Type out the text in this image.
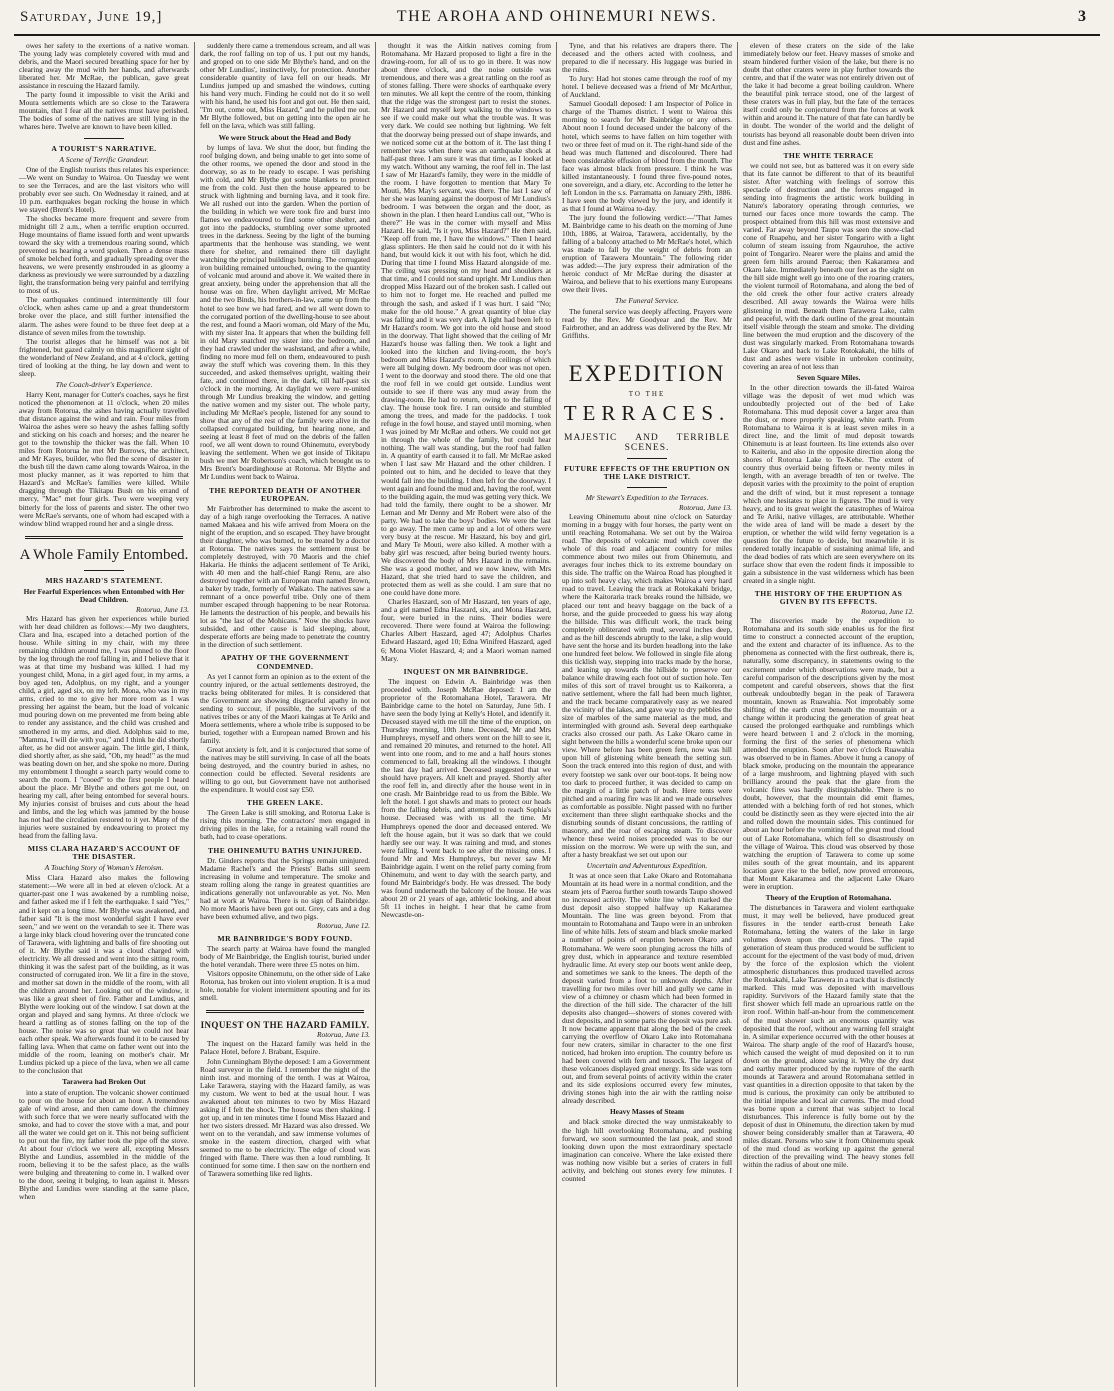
Saturday, June 19,]	THE AROHA AND OHINEMURI NEWS.	3

owes her safety to the exertions of a native woman. The young lady was completely covered with mud and debris, and the Maori secured breathing space for her by clearing away the mud with her hands, and afterwards liberated her. Mr McRae, the publican, gave great assistance in rescuing the Hazard family.

The party found it impossible to visit the Ariki and Moura settlements which are so close to the Tarawera mountain, that I fear all the natives must have perished. The bodies of some of the natives are still lying in the whares here. Twelve are known to have been killed.

A TOURIST'S NARRATIVE.
A Scene of Terrific Grandeur.

One of the English tourists thus relates his experience:—We went on Sunday to Wairoa. On Tuesday we went to see the Terraces, and are the last visitors who will probably ever see such. On Wednesday it rained, and at 10 p.m. earthquakes began rocking the house in which we stayed (Brent's Hotel).

The shocks became more frequent and severe from midnight till 2 a.m., when a terrific eruption occurred. Huge mountains of flame issued forth and went upwards toward the sky with a tremendous roaring sound, which prevented us hearing a word spoken. Then a dense mass of smoke belched forth, and gradually spreading over the heavens, we were presently enshrouded in as gloomy a darkness as previously we were surrounded by a dazzling light, the transformation being very painful and terrifying to most of us.

The earthquakes continued intermittently till four o'clock, when ashes came up and a great thunderstorm broke over the place, and still further intensified the alarm. The ashes were found to be three feet deep at a distance of seven miles from the township.

The tourist alleges that he himself was not a bit frightened, but gazed calmly on this magnificent sight of the wonderland of New Zealand, and at 4 o'clock, getting tired of looking at the thing, he lay down and went to sleep.

The Coach-driver's Experience.

Harry Kent, manager for Cutter's coaches, says he first noticed the phenomenon at 11 o'clock, when 20 miles away from Rotorua, the ashes having actually travelled that distance against the wind and rain. Four miles from Wairoa the ashes were so heavy the ashes falling softly and sticking on his coach and horses; and the nearer he got to the township the thicker was the fall. When 10 miles from Rotorua he met Mr Burrows, the architect, and Mr Kayes, builder, who fled the scene of disaster in the bush till the dawn came along towards Wairoa, in the most plucky manner, as it was reported to him that Hazard's and McRae's families were killed. While dragging through the Tikitapu Bush on his errand of mercy, "Mac" met four girls. Two were weeping very bitterly for the loss of parents and sister. The other two were McRae's servants, one of whom had escaped with a window blind wrapped round her and a single dress.

A Whole Family Entombed.
MRS HAZARD'S STATEMENT.
Her Fearful Experiences when Entombed with Her Dead Children.

Rotorua, June 13.

Mrs Hazard has given her experiences while buried with her dead children as follows:—My two daughters, Clara and Ina, escaped into a detached portion of the house. While sitting in my chair, with my three remaining children around me, I was pinned to the floor by the log through the roof falling in, and I believe that it was at that time my husband was killed. I had my youngest child, Mona, in a girl aged four, in my arms, a boy aged ten, Adolphus, on my right, and a younger child, a girl, aged six, on my left. Mona, who was in my arms, cried to me to give her more room as I was pressing her against the beam, but the load of volcanic mud pouring down on me prevented me from being able to render any assistance, and the child was crushed and smothered in my arms, and died. Adolphus said to me, "Mamma, I will die with you," and I think he did shortly after, as he did not answer again. The little girl, I think, died shortly after, as she said, "Oh, my head!" as the mud was beating down on her, and she spoke no more. During my entombment I thought a search party would come to search the room. I "cooed" to the first people I heard about the place. Mr Blythe and others got me out, on hearing my call, after being entombed for several hours. My injuries consist of bruises and cuts about the head and limbs, and the leg which was jammed by the house has not had the circulation restored to it yet. Many of the injuries were sustained by endeavouring to protect my head from the falling lava.

MISS CLARA HAZARD'S ACCOUNT OF THE DISASTER.
A Touching Story of Woman's Heroism.

Miss Clara Hazard also makes the following statement:—We were all in bed at eleven o'clock. At a quarter-past one I was awakened by a rumbling noise, and father asked me if I felt the earthquake. I said "Yes," and it kept on a long time. Mr Blythe was awakened, and father said "It is the most wonderful sight I have ever seen," and we went on the verandah to see it. There was a large inky black cloud hovering over the truncated cone of Tarawera, with lightning and balls of fire shooting out of it. Mr Blythe said it was a cloud charged with electricity. We all dressed and went into the sitting room, thinking it was the safest part of the building, as it was constructed of corrugated iron. We lit a fire in the stove, and mother sat down in the middle of the room, with all the children around her. Looking out of the window, it was like a great sheet of fire. Father and Lundius, and Blythe were looking out of the window. I sat down at the organ and played and sang hymns. At three o'clock we heard a rattling as of stones falling on the top of the house. The noise was so great that we could not hear each other speak. We afterwards found it to be caused by falling lava. When that came on father went out into the middle of the room, leaning on mother's chair. Mr Lundius picked up a piece of the lava, when we all came to the conclusion that

Tarawera had Broken Out

into a state of eruption. The volcanic shower continued to pour on the house for about an hour. A tremendous gale of wind arose, and then came down the chimney with such force that we were nearly suffocated with the smoke, and had to cover the stove with a mat, and pour all the water we could get on it. This not being sufficient to put out the fire, my father took the pipe off the stove. At about four o'clock we were all, excepting Messrs Blythe and Lundius, assembled in the middle of the room, believing it to be the safest place, as the walls were bulging and threatening to come in. I walked over to the door, seeing it bulging, to lean against it. Messrs Blythe and Lundius were standing at the same place, when

suddenly there came a tremendous scream, and all was dark, the roof falling on top of us. I put out my hands, and groped on to one side Mr Blythe's hand, and on the other Mr Lundius', instinctively, for protection. Another considerable quantity of lava fell on our heads. Mr Lundius jumped up and smashed the windows, cutting his hand very much. Finding he could not do it so well with his hand, he used his foot and got out. He then said, "I'm out, come out, Miss Hazard," and he pulled me out. Mr Blythe followed, but on getting into the open air he fell on the lava, which was still falling.

We were Struck about the Head and Body

by lumps of lava. We shut the door, but finding the roof bulging down, and being unable to get into some of the other rooms, we opened the door and stood in the doorway, so as to be ready to escape. I was perishing with cold, and Mr Blythe got some blankets to protect me from the cold. Just then the house appeared to be struck with lightning and burning lava, and it took fire. We all rushed out into the garden. When the portion of the building in which we were took fire and burst into flames we endeavoured to find some other shelter, and got into the paddocks, stumbling over some uprooted trees in the darkness. Seeing by the light of the burning apartments that the henhouse was standing, we went there for shelter, and remained there till daylight watching the principal buildings burning. The corrugated iron building remained untouched, owing to the quantity of volcanic mud around and above it. We waited there in great anxiety, being under the apprehension that all the house was on fire. When daylight arrived, Mr McRae and the two Binds, his brothers-in-law, came up from the hotel to see how we had fared, and we all went down to the corrugated portion of the dwelling-house to see about the rest, and found a Maori woman, old Mary of the Mu, with my sister Ina. It appears that when the building fell in old Mary snatched my sister into the bedroom, and they had crawled under the washstand, and after a while, finding no more mud fell on them, endeavoured to push away the stuff which was covering them. In this they succeeded, and asked themselves upright, waiting their fate, and continued there, in the dark, till half-past six o'clock in the morning. At daylight we were re-united through Mr Lundius breaking the window, and getting the native women and my sister out. The whole party, including Mr McRae's people, listened for any sound to show that any of the rest of the family were alive in the collapsed corrugated building, but hearing none, and seeing at least 8 feet of mud on the debris of the fallen roof, we all went down to round Ohinemutu, everybody leaving the settlement. When we got inside of Tikitapu bush we met Mr Robertson's coach, which brought us to Mrs Brent's boardinghouse at Rotorua. Mr Blythe and Mr Lundius went back to Wairoa.

THE REPORTED DEATH OF ANOTHER EUROPEAN.

Mr Fairbrother has determined to make the ascent to day of a high range overlooking the Terraces. A native named Makaea and his wife arrived from Moera on the night of the eruption, and so escaped. They have brought their daughter, who was burned, to be treated by a doctor at Rotorua. The natives says the settlement must be completely destroyed, with 70 Maoris and the chief Hakaria. He thinks the adjacent settlement of Te Ariki, with 40 men and the half-chief Rangi Renu, are also destroyed together with an European man named Brown, a baker by trade, formerly of Waikato. The natives saw a remnant of a once powerful tribe. Only one of them number escaped through happening to be near Rotorua. He laments the destruction of his people, and bewails his lot as "the last of the Mohicans." Now the shocks have subsided, and other cause is laid sleeping, about, desperate efforts are being made to penetrate the country in the direction of such settlement.

APATHY OF THE GOVERNMENT CONDEMNED.

As yet I cannot form an opinion as to the extent of the country injured, or the actual settlements destroyed, the tracks being obliterated for miles. It is considered that the Government are showing disgraceful apathy in not sending to succour, if possible, the survivors of the natives tribes or any of the Maori kaingas at Te Ariki and Moera settlements, where a whole tribe is supposed to be buried, together with a European named Brown and his family.

Great anxiety is felt, and it is conjectured that some of the natives may be still surviving. In case of all the boats being destroyed, and the country buried in ashes, no connection could be effected. Several residents are willing to go out, but Government have not authorised the expenditure. It would cost say £50.

THE GREEN LAKE.

The Green Lake is still smoking, and Rotorua Lake is rising this morning. The contractors' men engaged in driving piles in the lake, for a retaining wall round the bath, had to cease operations.

THE OHINEMUTU BATHS UNINJURED.

Dr. Ginders reports that the Springs remain uninjured. Madame Rachel's and the Priests' Baths still seem increasing in volume and temperature. The smoke and steam rolling along the range in greatest quantities are indications generally not unfavourable as yet. No. Men had at work at Wairoa. There is no sign of Bainbridge. No more Maoris have been got out. Grey, cats and a dog have been exhumed alive, and two pigs.

Rotorua, June 12.

MR BAINBRIDGE'S BODY FOUND.

The search party at Wairoa have found the mangled body of Mr Bainbridge, the English tourist, buried under the hotel verandah. There were three £5 notes on him.

Visitors opposite Ohinemutu, on the other side of Lake Rotorua, has broken out into violent eruption. It is a mud hole, notable for violent intermittent spouting and for its smell.

INQUEST ON THE HAZARD FAMILY.

Rotorua, June 13.

The inquest on the Hazard family was held in the Palace Hotel, before J. Brabant, Esquire.

John Cunningham Blythe deposed: I am a Government Road surveyor in the field. I remember the night of the ninth inst. and morning of the tenth. I was at Wairoa, Lake Tarawera, staying with the Hazard family, as was my custom. We went to bed at the usual hour. I was awakened about ten minutes to two by Miss Hazard asking if I felt the shock. The house was then shaking. I got up, and in ten minutes time I found Miss Hazard and her two sisters dressed. Mr Hazard was also dressed. We went on to the verandah, and saw immense volumes of smoke in the eastern direction, charged with what seemed to me to be electricity. The edge of cloud was fringed with flame. There was then a loud rumbling. It continued for some time. I then saw on the northern end of Tarawera something like red lights.

thought it was the Aitkin natives coming from Rotomahana. Mr Hazard proposed to light a fire in the drawing-room, for all of us to go in there. It was now about three o'clock, and the noise outside was tremendous, and there was a great rattling on the roof as of stones falling. There were shocks of earthquake every ten minutes. We all kept the centre of the room, thinking that the ridge was the strongest part to resist the stones. Mr Hazard and myself kept walking to the windows to see if we could make out what the trouble was. It was very dark. We could see nothing but lightning. We felt that the doorway being pressed out of shape inwards, and we noticed some cut at the bottom of it. The last thing I remember was when there was an earthquake shock at half-past three. I am sure it was that time, as I looked at my watch. Without any warning, the roof fell in. The last I saw of Mr Hazard's family, they were in the middle of the room. I have forgotten to mention that Mary Te Mouti, Mrs May's servant, was there. The last I saw of her she was leaning against the doorpost of Mr Lundius's bedroom. I was between the organ and the door, as shown in the plan. I then heard Lundius call out, "Who is there?" He was in the corner with myself and Miss Hazard. He said, "Is it you, Miss Hazard?" He then said, "Keep off from me, I have the windows." Then I heard glass splinters. He then said he could not do it with his hand, but would kick it out with his foot, which he did. During that time I found Miss Hazard alongside of me. The ceiling was pressing on my head and shoulders at that time, and I could not stand upright. Mr Lundius then dropped Miss Hazard out of the broken sash. I called out to him not to forget me. He reached and pulled me through the sash, and asked if I was hurt. I said "No; make for the old house." A great quantity of blue clay was falling and it was very dark. A light had been left to Mr Hazard's room. We got into the old house and stood in the doorway. That light showed that the ceiling of Mr Hazard's house was falling then. We took a light and looked into the kitchen and living-room, the boy's bedroom and Miss Hazard's room, the ceilings of which were all bulging down. My bedroom door was not open. I went to the doorway and stood there. The old one that the roof fell in we could get outside. Lundius went outside to see if there was any mud away from the drawing-room. He had to return, owing to the falling of clay. The house took fire. I ran outside and stumbled among the trees, and made for the paddocks. I took refuge in the fowl house, and stayed until morning, when I was joined by Mr McRae and others. We could not get in through the whole of the family, but could hear nothing. The wall was standing, but the roof had fallen in. A quantity of earth caused it to fall. Mr McRae asked when I last saw Mr Hazard and the other children. I pointed out to him, and he decided to leave that they would fall into the building. I then left for the doorway. I went again and found the mud and, having the roof, went to the building again, the mud was getting very thick. We had told the family, there ought to be a shower. Mr Leman and Mr Denny and Mr Robert were also of the party. We had to take the boys' bodies. We were the last to go away. The men came up and a lot of others were very busy at the rescue. Mr Haszard, his boy and girl, and Mary Te Mouti, were also killed. A mother with a baby girl was rescued, after being buried twenty hours. We discovered the body of Mrs Hazard in the remains. She was a good mother, and we now knew, with Mrs Hazard, that she tried hard to save the children, and protected them as well as she could. I am sure that no one could have done more.

Charles Haszard, son of Mr Haszard, ten years of age, and a girl named Edna Haszard, six, and Mona Haszard, four, were buried in the ruins. Their bodies were recovered. There were found at Wairoa the following: Charles Albert Haszard, aged 47; Adolphus Charles Edward Haszard, aged 10; Edna Winifred Haszard, aged 6; Mona Violet Haszard, 4; and a Maori woman named Mary.

INQUEST ON MR BAINBRIDGE.

The inquest on Edwin A. Bainbridge was then proceeded with. Joseph McRae deposed: I am the proprietor of the Rotomahana Hotel, Tarawera. Mr Bainbridge came to the hotel on Saturday, June 5th. I have seen the body lying at Kelly's Hotel, and identify it. Deceased stayed with me till the time of the eruption, on Thursday morning, 10th June. Deceased, Mr and Mrs Humphreys, myself and others went on the hill to see it, and remained 20 minutes, and returned to the hotel. All went into one room, and to me and a half hours stones commenced to fall, breaking all the windows. I thought the last day had arrived. Deceased suggested that we should have prayers. All knelt and prayed. Shortly after the roof fell in, and directly after the house went in in one crash. Mr Bainbridge read to us from the Bible. We left the hotel. I got shawls and mats to protect our heads from the falling debris, and attempted to reach Sophia's house. Deceased was with us all the time. Mr Humphreys opened the door and deceased entered. We left the house again, but it was so dark that we could hardly see our way. It was raining and mud, and stones were falling. I went back to see after the missing ones. I found Mr and Mrs Humphreys, but never saw Mr Bainbridge again. I went on the relief party coming from Ohinemutu, and went to day with the search party, and found Mr Bainbridge's body. He was dressed. The body was found underneath the balcony of the house. He was about 20 or 21 years of age, athletic looking, and about 5ft 11 inches in height. I hear that he came from Newcastle-on-

Tyne, and that his relatives are drapers there. The deceased and the others acted with coolness, and prepared to die if necessary. His luggage was buried in the ruins.

To Jury: Had hot stones came through the roof of my hotel. I believe deceased was a friend of Mr McArthur, of Auckland.

Samuel Goodall deposed: I am Inspector of Police in charge of the Thames district. I went to Wairoa this morning to search for Mr Bainbridge or any others. About noon I found deceased under the balcony of the hotel, which seems to have fallen on him together with two or three feet of mud on it. The right-hand side of the head was much flattened and discoloured. There had been considerable effusion of blood from the mouth. The face was almost black from pressure. I think he was killed instantaneously. I found three five-pound notes, one sovereign, and a diary, etc. According to the letter he left London in the s.s. Parramatta on January 29th, 1886. I have seen the body viewed by the jury, and identify it as that I found at Wairoa to-day.

The jury found the following verdict:—"That James M. Bainbridge came to his death on the morning of June 10th, 1886, at Wairoa, Tarawera, accidentally, by the falling of a balcony attached to Mr McRae's hotel, which was made to fall by the weight of debris from an eruption of Tarawera Mountain." The following rider was added:—The jury express their admiration of the heroic conduct of Mr McRae during the disaster at Wairoa, and believe that to his exertions many Europeans owe their lives.

The Funeral Service.

The funeral service was deeply affecting. Prayers were read by the Rev. Mr Goodyear and the Rev. Mr Fairbrother, and an address was delivered by the Rev. Mr Griffiths.

EXPEDITION
TO THE
TERRACES.
MAJESTIC AND TERRIBLE
SCENES.
FUTURE EFFECTS OF THE ERUPTION ON THE LAKE DISTRICT.
Mr Stewart's Expedition to the Terraces.

Rotorua, June 13.

Leaving Ohinemutu about nine o'clock on Saturday morning in a buggy with four horses, the party went on until reaching Rotomahana. We set out by the Wairoa road. The deposits of volcanic mud which cover the whole of this road and adjacent country for miles commence about two miles out from Ohinemutu, and averages four inches thick to its extreme boundary on this side. The traffic on the Wairoa Road has ploughed it up into soft heavy clay, which makes Wairoa a very hard road to travel. Leaving the track at Rotokakahi bridge, where the Kaitoraria track breaks round the hillside, we placed our tent and heavy baggage on the back of a horse, and the guide proceeded to guess his way along the hillside. This was difficult work, the track being completely obliterated with mud, several inches deep, and as the hill descends abruptly to the lake, a slip would have sent the horse and its burden headlong into the lake one hundred feet below. We followed in single file along this ticklish way, stepping into tracks made by the horse, and leaning up towards the hillside to preserve our balance while drawing each foot out of suction hole. Ten miles of this sort of travel brought us to Kaikorera, a native settlement, where the fall had been much lighter, and the track became comparatively easy as we neared the vicinity of the lakes, and gave way to dry pebbles the size of marbles of the same material as the mud, and intermingled with ground ash. Several deep earthquake cracks also crossed our path. As Lake Okaro came in sight between the hills a wonderful scene broke upon our view. Where before has been green fern, now was hill upon hill of glistening white beneath the setting sun. Soon the track entered into this region of dust, and with every footstep we sank over our boot-tops. It being now too dark to proceed further, it was decided to camp on the margin of a little patch of bush. Here tents were pitched and a roaring fire was lit and we made ourselves as comfortable as possible. Night passed with no further excitement than three slight earthquake shocks and the disturbing sounds of distant concussions, the rattling of masonry, and the roar of escaping steam. To discover whence these weird noises proceeded was to be our mission on the morrow. We were up with the sun, and after a hasty breakfast we set out upon our

Uncertain and Adventurous Expedition.

It was at once seen that Lake Okaro and Rotomahana Mountain at its head were in a normal condition, and the steam jets of Paeroa further south towards Taupo showed no increased activity. The white line which marked the dust deposit also stopped halfway up Kakaramea Mountain. The line was green beyond. From that mountain to Rotomahana and Taupo were in an unbroken line of white hills. Jets of steam and black smoke marked a number of points of eruption between Okaro and Rotomahana. We were soon plunging across the hills of grey dust, which in appearance and texture resembled hydraulic lime. At every step our boots went ankle deep, and sometimes we sank to the knees. The depth of the deposit varied from a foot to unknown depths. After travelling for two miles over hill and gully we came in view of a chimney or chasm which had been formed in the direction of the hill side. The character of the hill deposits also changed—showers of stones covered with dust deposits, and in some parts the deposit was pure ash. It now became apparent that along the bed of the creek carrying the overflow of Okaro Lake into Rotomahana four new craters, similar in character to the one first noticed, had broken into eruption. The country before us had been covered with fern and tussock. The largest of these volcanoes displayed great energy. Its side was torn out, and from several points of activity within the crater and its side explosions occurred every few minutes, driving stones high into the air with the rattling noise already described.

Heavy Masses of Steam

and black smoke directed the way unmistakeably to the high hill overlooking Rotomahana, and pushing forward, we soon surmounted the last peak, and stood looking down upon the most extraordinary spectacle imagination can conceive. Where the lake existed there was nothing now visible but a series of craters in full activity, and belching out stones every few minutes. I counted

eleven of these craters on the side of the lake immediately below our feet. Heavy masses of smoke and steam hindered further vision of the lake, but there is no doubt that other craters were in play further towards the centre, and that if the water was not entirely driven out of the lake it had become a great boiling cauldron. Where the beautiful pink terrace stood, one of the largest of these craters was in full play, but the fate of the terraces itself could only be conjectured from the forces at work within and around it. The nature of that fate can hardly be in doubt. The wonder of the world and the delight of tourists has beyond all reasonable doubt been driven into dust and fine ashes.

THE WHITE TERRACE

we could not see, but as battered was it on every side that its fate cannot be different to that of its beautiful sister. After watching with feelings of sorrow this spectacle of destruction and the forces engaged in sending into fragments the artistic work building in Nature's laboratory operating through centuries, we turned our faces once more towards the camp. The prospect obtained from this hill was most extensive and varied. Far away beyond Taupo was seen the snow-clad cone of Ruapehu, and her sister Tongariro with a light column of steam issuing from Ngauruhoe, the active point of Tongariro. Nearer were the plains and amid the green fern hills around Paeroa; then Kakaramea and Okaro lake. Immediately beneath our feet as the sight on the hill side might well go into one of the roaring craters, the violent turmoil of Rotomahana, and along the bed of the old creek the other four active craters already described. All away towards the Wairoa were hills glistening in mud. Beneath them Tarawera Lake, calm and peaceful, with the dark outline of the great mountain itself visible through the steam and smoke. The dividing line between the mud eruption and the discovery of the dust was singularly marked. From Rotomahana towards Lake Okaro and back to Lake Rotokakahi, the hills of dust and ashes were visible in unbroken continuity, covering an area of not less than

Seven Square Miles.

In the other direction towards the ill-fated Wairoa village was the deposit of wet mud which was undoubtedly projected out of the bed of Lake Rotomahana. This mud deposit cover a larger area than the dust, or more properly speaking, white earth. From Rotomahana to Wairoa it is at least seven miles in a direct line, and the limit of mud deposit towards Ohinemutu is at least fourteen. Its line extends also over to Kaiteriu, and also in the opposite direction along the shores of Rotorua Lake to Te-Kehe. The extent of country thus overlaid being fifteen or twenty miles in length, with an average breadth of ten or twelve. The deposit varies with the proximity to the point of eruption and the drift of wind, but it must represent a tonnage which one hesitates to place in figures. The mud is very heavy, and to its great weight the catastrophes of Wairoa and Te Ariki, native villages, are attributable. Whether the wide area of land will be made a desert by the eruption, or whether the wild wild ferny vegetation is a question for the future to decide, but meanwhile it is rendered totally incapable of sustaining animal life, and the dead bodies of rats which are seen everywhere on its surface show that even the rodent finds it impossible to gain a subsistence in the vast wilderness which has been created in a single night.

THE HISTORY OF THE ERUPTION AS GIVEN BY ITS EFFECTS.

Rotorua, June 12.

The discoveries made by the expedition to Rotomahana and its south side enables us for the first time to construct a connected account of the eruption, and the extent and character of its influence. As to the phenomena as connected with the first outbreak, there is, naturally, some discrepancy, in statements owing to the excitement under which observations were made, but a careful comparison of the descriptions given by the most competent and careful observers, shows that the first outbreak undoubtedly began in the peak of Tarawera mountain, known as Ruawahia. Not improbably some shifting of the earth crust beneath the mountain or a change within it producing the generation of great heat caused the prolonged earthquake and rumblings which were heard between 1 and 2 o'clock in the morning, forming the first of the series of phenomena which attended the eruption. Soon after two o'clock Ruawahia was observed to be in flames. Above it hung a canopy of black smoke, producing on the mountain the appearance of a large mushroom, and lightning played with such brilliancy around the peak that the glare from the volcanic fires was hardly distinguishable. There is no doubt, however, that the mountain did emit flames, attended with a belching forth of red hot stones, which could be distinctly seen as they were ejected into the air and rolled down the mountain sides. This continued for about an hour before the vomiting of the great mud cloud out of Lake Rotomahana, which fell so disastrously on the village of Wairoa. This cloud was observed by those watching the eruption of Tarawera to come up some miles south of the great mountain, and its apparent location gave rise to the belief, now proved erroneous, that Mount Kakaramea and the adjacent Lake Okaro were in eruption.

Theory of the Eruption of Rotomahana.

The disturbances in Tarawera and violent earthquake must, it may well be believed, have produced great fissures in the tender earth-crust beneath Lake Rotomahana, letting the waters of the lake in large volumes down upon the central fires. The rapid generation of steam thus produced would be sufficient to account for the ejectment of the vast body of mud, driven by the force of the explosion which the violent atmospheric disturbances thus produced travelled across the Rotokakahi, Lake Tarawera in a track that is distinctly marked. This mud was deposited with marvellous rapidity. Survivors of the Hazard family state that the first shower which fell made an uproarious rattle on the iron roof. Within half-an-hour from the commencement of the mud shower such an enormous quantity was deposited that the roof, without any warning fell straight in. A similar experience occurred with the other houses at Wairoa. The sharp angle of the roof of Hazard's house, which caused the weight of mud deposited on it to run down on the ground, alone saving it. Why the dry dust and earthy matter produced by the rupture of the earth mounds at Tarawera and around Rotomahana settled in vast quantities in a direction opposite to that taken by the mud is curious, the proximity can only be attributed to the initial impulse and local air currents. The mud cloud was borne upon a current that was subject to local disturbances. This inference is fully borne out by the deposit of dust in Ohinemutu, the direction taken by mud shower being considerably smaller than at Tarawera, 40 miles distant. Persons who saw it from Ohinemutu speak of the mud cloud as working up against the general direction of the prevailing wind. The heavy stones fell within the radius of about one mile.
